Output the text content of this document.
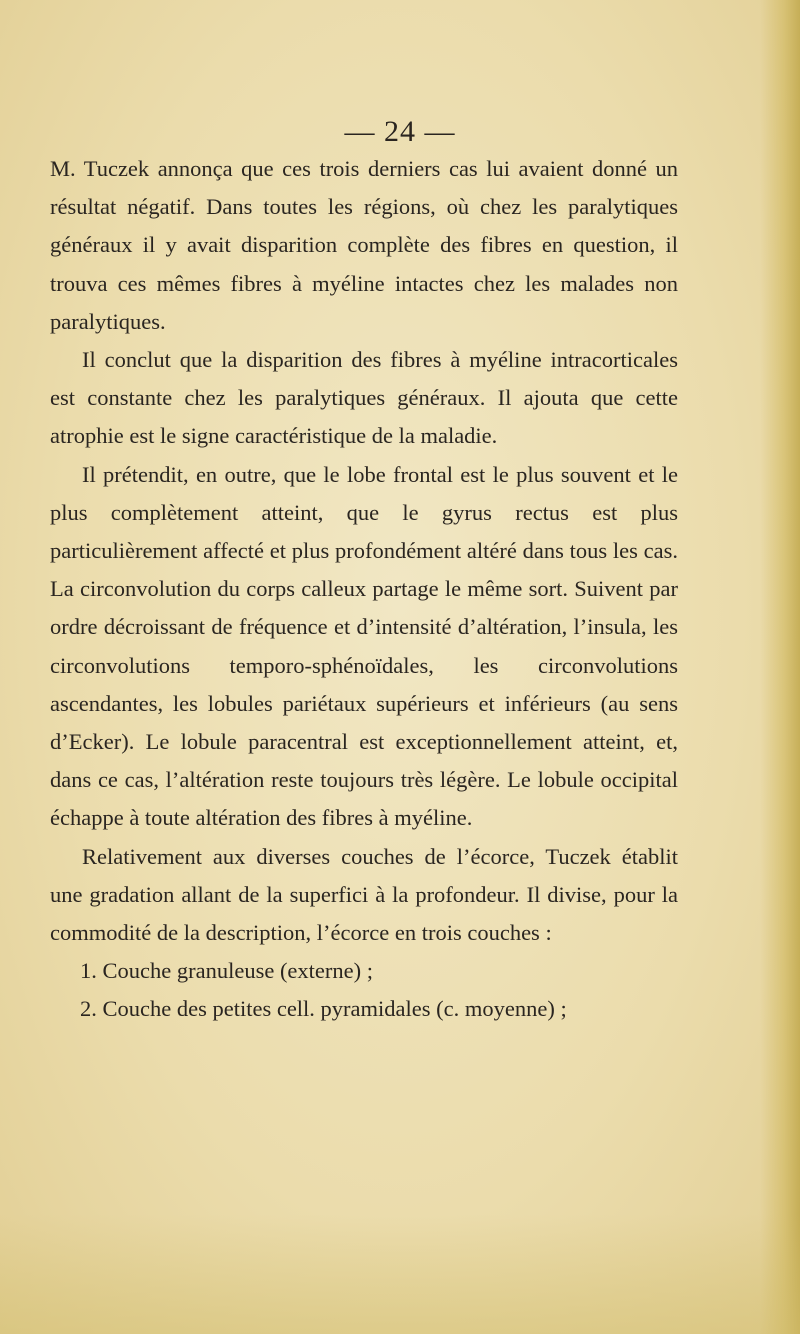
— 24 —

M. Tuczek annonça que ces trois derniers cas lui avaient donné un résultat négatif. Dans toutes les régions, où chez les paralytiques généraux il y avait disparition complète des fibres en question, il trouva ces mêmes fibres à myéline intactes chez les malades non paralytiques.

Il conclut que la disparition des fibres à myéline intracorticales est constante chez les paralytiques généraux. Il ajouta que cette atrophie est le signe caractéristique de la maladie.

Il prétendit, en outre, que le lobe frontal est le plus souvent et le plus complètement atteint, que le gyrus rectus est plus particulièrement affecté et plus profondément altéré dans tous les cas. La circonvolution du corps calleux partage le même sort. Suivent par ordre décroissant de fréquence et d’intensité d’altération, l’insula, les circonvolutions temporo-sphénoïdales, les circonvolutions ascendantes, les lobules pariétaux supérieurs et inférieurs (au sens d’Ecker). Le lobule paracentral est exceptionnellement atteint, et, dans ce cas, l’altération reste toujours très légère. Le lobule occipital échappe à toute altération des fibres à myéline.

Relativement aux diverses couches de l’écorce, Tuczek établit une gradation allant de la superfici à la profondeur. Il divise, pour la commodité de la description, l’écorce en trois couches :

1. Couche granuleuse (externe) ;

2. Couche des petites cell. pyramidales (c. moyenne) ;
